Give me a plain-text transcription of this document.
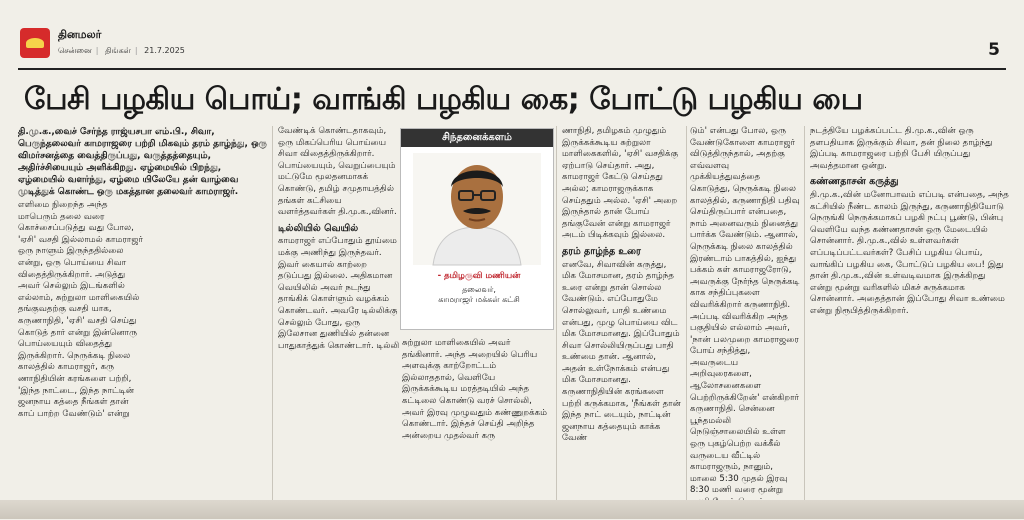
தினமலர்
சென்னை | திங்கள் | 21.7.2025	5
பேசி பழகிய பொய்; வாங்கி பழகிய கை; போட்டு பழகிய பை

தி.மு.க.,வைச் சேர்ந்த ராஜ்யசபா எம்.பி., சிவா, பெருந்தலைவர் காமராஜரை பற்றி மிகவும் தரம் தாழ்ந்து, ஒரு விமர்சனத்தை வைத்திருப்பது, வருத்தத்தையும், அதிர்ச்சியையும் அளிக்கிறது. ஏழ்மையில் பிறந்து, ஏழ்மையில் வளர்ந்து, ஏழ்மை யிலேயே தன் வாழ்வை முடித்துக் கொண்ட ஒரு மகத்தான தலைவர் காமராஜர்.

எளிமை நிறைந்த அந்த மாபெரும் தலை வரை கொச்சைப்படுத்து வது போல, 'ஏசி' வசதி இல்லாமல் காமராஜர் ஒரு நாளும் இருந்ததில்லை என்று, ஒரு பொய்யை சிவா விதைத்திருக்கிறார். அடுத்து அவர் செல்லும் இடங்களில் எல்லாம், சுற்றுலா மாளிகையில் தங்குவதற்கு வசதி யாக, கருணாநிதி, 'ஏசி' வசதி செய்து கொடுத் தார் என்று இன்னொரு பொய்யையும் விதைத்து இருக்கிறார். நெருக்கடி நிலை காலத்தில் காமராஜர், கரு ணாநிதியின் கரங்களை பற்றி, 'இந்த நாட்டை, இந்த நாட்டின் ஜனநாய கத்தை நீங்கள் தான் காப் பாற்ற வேண்டும்' என்று

வேண்டிக் கொண்டதாகவும், ஒரு மிகப்பெரிய பொய்யை சிவா விதைத்திருக்கிறார். பொய்யையும், வெறுப்பையும் மட்டுமே மூலதனமாகக் கொண்டு, தமிழ் சமுதாயத்தில் தங்கள் கட்சியை வளர்த்தவர்கள் தி.மு.க.,வினர்.

டில்லியில் வெயில்

காமராஜர் எப்போதும் தூய்மை மக்கு அணிந்து இருந்தவர். இவர் கையால் காற்றை தடுப்பது இல்லை. அதிகமான வெயிலில் அவர் நடந்து தாங்கிக் கொள்ளும் வழக்கம் கொண்டவர். அவரே டில்லிக்கு செல்லும் போது, ஒரு இலேசான துணியில் தன்னை பாதுகாத்துக் கொண்டார். டில்லி

சிந்தனைக்களம்
- தமிழருவி மணியன்
தலைவர்,
காமராஜர் மக்கள் கட்சி

சுற்றுலா மாளிகையில் அவர் தங்கினார். அந்த அறையில் பெரிய அளவுக்கு காற்றோட்டம் இல்லாததால், வெளியே இருக்கக்கூடிய மரத்தடியில் அந்த கட்டிலை கொண்டு வரச் சொல்லி, அவர் இரவு முழுவதும் கண்ணுறக்கம் கொண்டார். இந்தச் செய்தி அறிந்த அன்றைய முதல்வர் கரு

ணாநிதி, தமிழகம் முழுதும் இருக்கக்கூடிய சுற்றுலா மாளிகைகளில், 'ஏசி' வசதிக்கு ஏற்பாடு செய்தார். அது, காமராஜர் கேட்டு செய்தது அல்ல; காமராஜருக்காக செய்ததும் அல்ல. 'ஏசி' அறை இருந்தால் தான் போய் தங்குவேன் என்று காமராஜர் அடம் பிடிக்கவும் இல்லை.

தரம் தாழ்ந்த உரை

எனவே, சிவாவின் கருத்து, மிக மோசமான, தரம் தாழ்ந்த உரை என்று தான் சொல்ல வேண்டும். எப்போதுமே சொல்லுவர், பாதி உண்மை என்பது, முழு பொய்யை விட மிக மோசமானது. இப்போதும் சிவா சொல்லியிருப்பது பாதி உண்மை தான். ஆனால், அதன் உள்நோக்கம் என்பது மிக மோசமானது. கருணாநிதியின் கரங்களை பற்றி கருக்கமாக, 'நீங்கள் தான் இந்த நாட் டையும், நாட்டின் ஜனநாய கத்தையும் காக்க வேண்

டும்' என்பது போல, ஒரு வேண்டுகோளை காமராஜர் விடுத்திருந்தால், அதற்கு எவ்வளவு முக்கியத்துவத்தை கொடுத்து, நெருக்கடி நிலை காலத்தில், கருணாநிதி பதிவு செய்திருப்பார் என்பதை, நாம் அனைவரும் நினைத்து பார்க்க வேண்டும். ஆனால், நெருக்கடி நிலை காலத்தில் இரண்டாம் பாகத்தில், ஐந்து பக்கம் கள் காமராஜரோடு, அவருக்கு நேர்ந்த நெருக்கடி காக சந்திப்புகளை விவரிக்கிறார் கருணாநிதி. அப்படி விவரிக்கிற அந்த பகுதியில் எல்லாம் அவர், 'நான் பலமுறை காமராஜரை போய் சந்தித்து, அவருடைய அறிவுரைகளை, ஆலோசனைகளை பெற்றிருக்கிறேன்' என்கிறார் கருணாநிதி. சென்னை பூந்தமல்லி நெடுஞ்சாலையில் உள்ள ஒரு புகழ்பெற்ற வக்கீல் வருடைய வீட்டில் காமராஜரும், நானும், மாலை 5:30 முதல் இரவு 8:30 மணி வரை மூன்று

நடத்தியே பழக்கப்பட்ட தி.மு.க.,வின் ஒரு தளபதியாக இருக்கும் சிவா, தன் நிலை தாழ்ந்து இப்படி காமராஜரை பற்றி பேசி யிருப்பது அவத்தமான ஒன்று.

கண்ணதாசன் கருத்து

தி.மு.க.,வின் மனோபாவம் எப்படி என்பதை, அந்த கட்சியில் நீண்ட காலம் இருந்து, கருணாநிதியோடு நெருங்கி நெருக்கமாகப் பழகி நட்பு பூண்டு, பின்பு வெளியே வந்த கண்ணதாசன் ஒரு மேடையில் சொன்னார். தி.மு.க.,வில் உள்ளவர்கள் எப்படிப்பட்டவர்கள்? பேசிப் பழகிய பொய், வாங்கிப் பழகிய கை, போட்டுப் பழகிய பை! இது தான் தி.மு.க.,வின் உள்வடிவமாக இருக்கிறது என்று மூன்று வரிகளில் மிகச் சுருக்கமாக சொன்னார். அதைத்தான் இப்போது சிவா உண்மை என்று நிரூபித்திருக்கிறார்.
